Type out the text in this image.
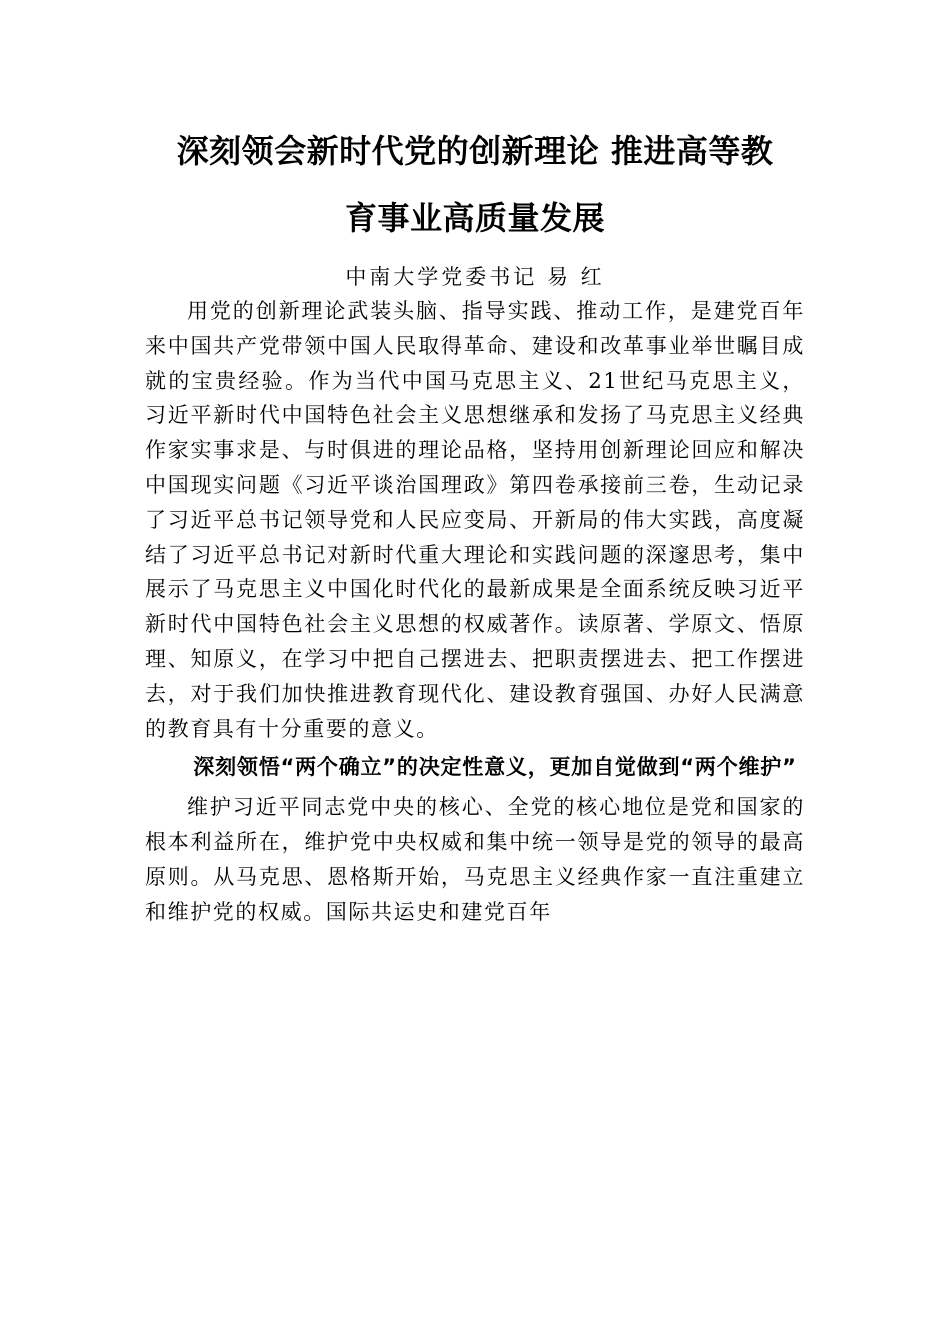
深刻领会新时代党的创新理论 推进高等教
育事业高质量发展

中南大学党委书记 易 红

用党的创新理论武装头脑、指导实践、推动工作，是建党百年来中国共产党带领中国人民取得革命、建设和改革事业举世瞩目成就的宝贵经验。作为当代中国马克思主义、21世纪马克思主义，习近平新时代中国特色社会主义思想继承和发扬了马克思主义经典作家实事求是、与时俱进的理论品格，坚持用创新理论回应和解决中国现实问题《习近平谈治国理政》第四卷承接前三卷，生动记录了习近平总书记领导党和人民应变局、开新局的伟大实践，高度凝结了习近平总书记对新时代重大理论和实践问题的深邃思考，集中展示了马克思主义中国化时代化的最新成果是全面系统反映习近平新时代中国特色社会主义思想的权威著作。读原著、学原文、悟原理、知原义，在学习中把自己摆进去、把职责摆进去、把工作摆进去，对于我们加快推进教育现代化、建设教育强国、办好人民满意的教育具有十分重要的意义。

深刻领悟“两个确立”的决定性意义，更加自觉做到“两个维护”

维护习近平同志党中央的核心、全党的核心地位是党和国家的根本利益所在，维护党中央权威和集中统一领导是党的领导的最高原则。从马克思、恩格斯开始，马克思主义经典作家一直注重建立和维护党的权威。国际共运史和建党百年
